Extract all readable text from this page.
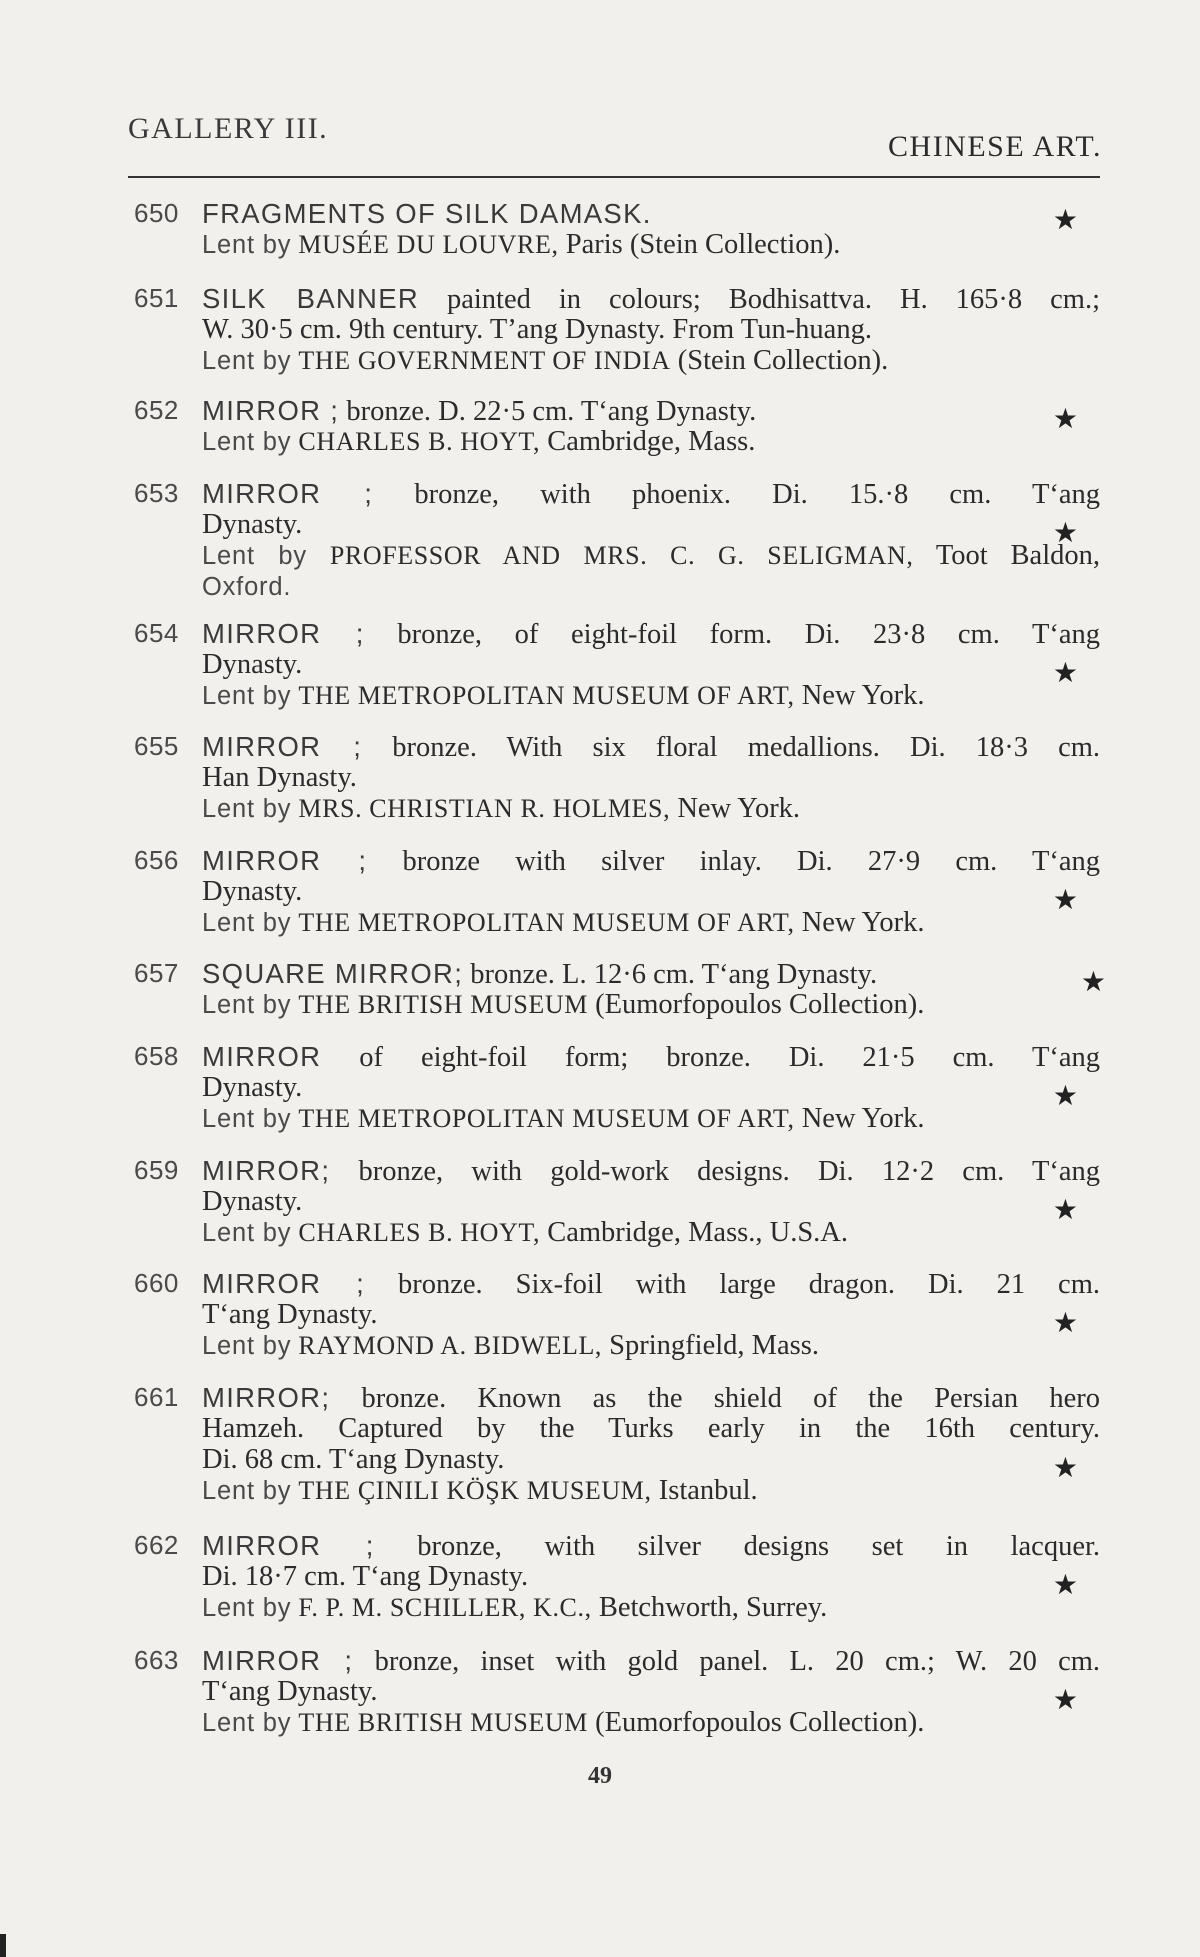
GALLERY III.
CHINESE ART.
650 FRAGMENTS OF SILK DAMASK.
Lent by MUSÉE DU LOUVRE, Paris (Stein Collection).
★
651 SILK BANNER painted in colours; Bodhisattva. H. 165·8 cm.;
W. 30·5 cm. 9th century. T’ang Dynasty. From Tun-huang.
Lent by THE GOVERNMENT OF INDIA (Stein Collection).
652 MIRROR ; bronze. D. 22·5 cm. T‘ang Dynasty.
Lent by CHARLES B. HOYT, Cambridge, Mass.
★
653 MIRROR ; bronze, with phoenix. Di. 15.·8 cm. T‘ang
Dynasty.
Lent by PROFESSOR AND MRS. C. G. SELIGMAN, Toot Baldon,
Oxford.
★
654 MIRROR ; bronze, of eight-foil form. Di. 23·8 cm. T‘ang
Dynasty.
Lent by THE METROPOLITAN MUSEUM OF ART, New York.
★
655 MIRROR ; bronze. With six floral medallions. Di. 18·3 cm.
Han Dynasty.
Lent by MRS. CHRISTIAN R. HOLMES, New York.
656 MIRROR ; bronze with silver inlay. Di. 27·9 cm. T‘ang
Dynasty.
Lent by THE METROPOLITAN MUSEUM OF ART, New York.
★
657 SQUARE MIRROR; bronze. L. 12·6 cm. T‘ang Dynasty.
Lent by THE BRITISH MUSEUM (Eumorfopoulos Collection).
★
658 MIRROR of eight-foil form; bronze. Di. 21·5 cm. T‘ang
Dynasty.
Lent by THE METROPOLITAN MUSEUM OF ART, New York.
★
659 MIRROR; bronze, with gold-work designs. Di. 12·2 cm. T‘ang
Dynasty.
Lent by CHARLES B. HOYT, Cambridge, Mass., U.S.A.
★
660 MIRROR ; bronze. Six-foil with large dragon. Di. 21 cm.
T‘ang Dynasty.
Lent by RAYMOND A. BIDWELL, Springfield, Mass.
★
661 MIRROR; bronze. Known as the shield of the Persian hero
Hamzeh. Captured by the Turks early in the 16th century.
Di. 68 cm. T‘ang Dynasty.
Lent by THE ÇINILI KÖŞK MUSEUM, Istanbul.
★
662 MIRROR ; bronze, with silver designs set in lacquer.
Di. 18·7 cm. T‘ang Dynasty.
Lent by F. P. M. SCHILLER, K.C., Betchworth, Surrey.
★
663 MIRROR ; bronze, inset with gold panel. L. 20 cm.; W. 20 cm.
T‘ang Dynasty.
Lent by THE BRITISH MUSEUM (Eumorfopoulos Collection).
★
49
